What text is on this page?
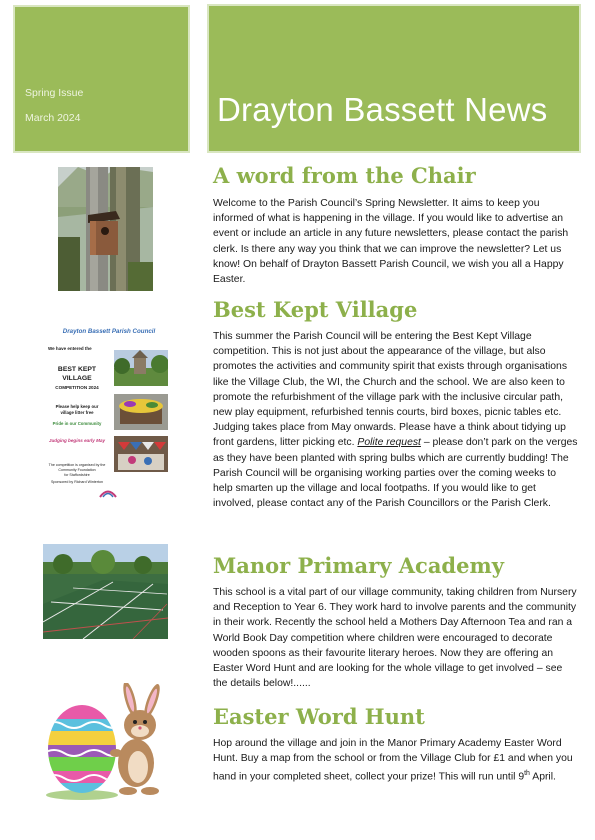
Spring Issue
March 2024	Drayton Bassett News
A word from the Chair

Welcome to the Parish Council’s Spring Newsletter. It aims to keep you informed of what is happening in the village. If you would like to advertise an event or include an article in any future newsletters, please contact the parish clerk. Is there any way you think that we can improve the newsletter? Let us know! On behalf of Drayton Bassett Parish Council, we wish you all a Happy Easter.

Best Kept Village

This summer the Parish Council will be entering the Best Kept Village competition. This is not just about the appearance of the village, but also promotes the activities and community spirit that exists through organisations like the Village Club, the WI, the Church and the school. We are also keen to promote the refurbishment of the village park with the inclusive circular path, new play equipment, refurbished tennis courts, bird boxes, picnic tables etc. Judging takes place from May onwards. Please have a think about tidying up front gardens, litter picking etc. Polite request – please don’t park on the verges as they have been planted with spring bulbs which are currently budding! The Parish Council will be organising working parties over the coming weeks to help smarten up the village and local footpaths. If you would like to get involved, please contact any of the Parish Councillors or the Parish Clerk.

Manor Primary Academy

This school is a vital part of our village community, taking children from Nursery and Reception to Year 6. They work hard to involve parents and the community in their work. Recently the school held a Mothers Day Afternoon Tea and ran a World Book Day competition where children were encouraged to decorate wooden spoons as their favourite literary heroes. Now they are offering an Easter Word Hunt and are looking for the whole village to get involved – see the details below!......

Easter Word Hunt

Hop around the village and join in the Manor Primary Academy Easter Word Hunt. Buy a map from the school or from the Village Club for £1 and when you hand in your completed sheet, collect your prize! This will run until 9th April.

Drayton Bassett Parish Council
We have entered the
BEST KEPT
VILLAGE
COMPETITION 2024
Please help keep our
village litter free
Pride in our Community
Judging begins early May
The competition is organised by the
Community Foundation
for Staffordshire
Sponsored by Richard Winterton
